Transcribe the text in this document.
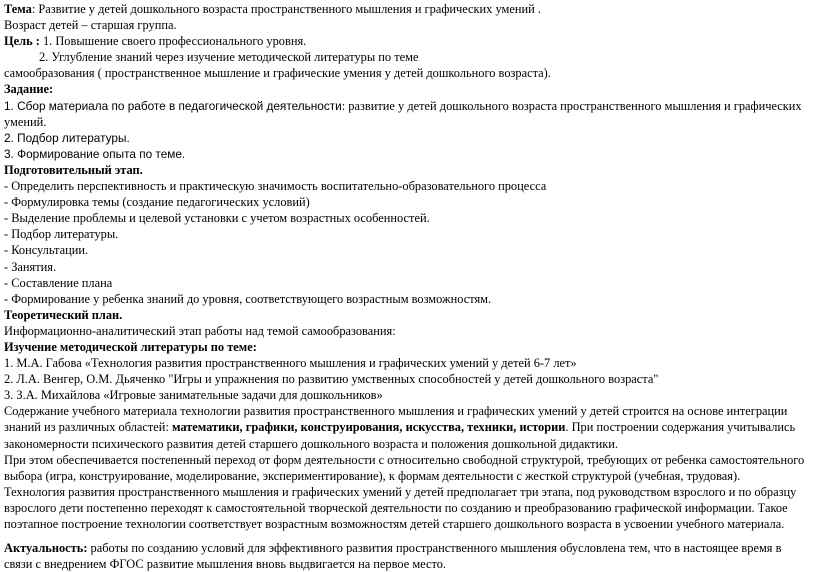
Тема: Развитие у детей дошкольного возраста пространственного мышления и графических умений .
Возраст детей – старшая группа.
Цель : 1. Повышение своего профессионального уровня.
2. Углубление знаний через изучение методической литературы по теме
самообразования ( пространственное мышление и графические умения у детей дошкольного возраста).
Задание:
1. Сбор материала по работе в педагогической деятельности: развитие у детей дошкольного возраста пространственного мышления и графических умений.
2. Подбор литературы.
3. Формирование опыта по теме.
Подготовительный этап.
- Определить перспективность и практическую значимость воспитательно-образовательного процесса
- Формулировка темы (создание педагогических условий)
- Выделение проблемы и целевой установки с учетом возрастных особенностей.
- Подбор литературы.
- Консультации.
- Занятия.
- Составление плана
- Формирование у ребенка знаний до уровня, соответствующего возрастным возможностям.
Теоретический план.
Информационно-аналитический этап работы над темой самообразования:
Изучение методической литературы по теме:
1. М.А. Габова «Технология развития пространственного мышления и графических умений у детей 6-7 лет»
2. Л.А. Венгер, О.М. Дьяченко "Игры и упражнения по развитию умственных способностей у детей дошкольного возраста"
3. З.А. Михайлова «Игровые занимательные задачи для дошкольников»
Содержание учебного материала технологии развития пространственного мышления и графических умений у детей строится на основе интеграции знаний из различных областей: математики, графики, конструирования, искусства, техники, истории. При построении содержания учитывались закономерности психического развития детей старшего дошкольного возраста и положения дошкольной дидактики.
При этом обеспечивается постепенный переход от форм деятельности с относительно свободной структурой, требующих от ребенка самостоятельного выбора (игра, конструирование, моделирование, экспериментирование), к формам деятельности с жесткой структурой (учебная, трудовая).
Технология развития пространственного мышления и графических умений у детей предполагает три этапа, под руководством взрослого и по образцу взрослого дети постепенно переходят к самостоятельной творческой деятельности по созданию и преобразованию графической информации. Такое поэтапное построение технологии соответствует возрастным возможностям детей старшего дошкольного возраста в усвоении учебного материала.
Актуальность: работы по созданию условий для эффективного развития пространственного мышления обусловлена тем, что в настоящее время в связи с внедрением ФГОС развитие мышления вновь выдвигается на первое место.
